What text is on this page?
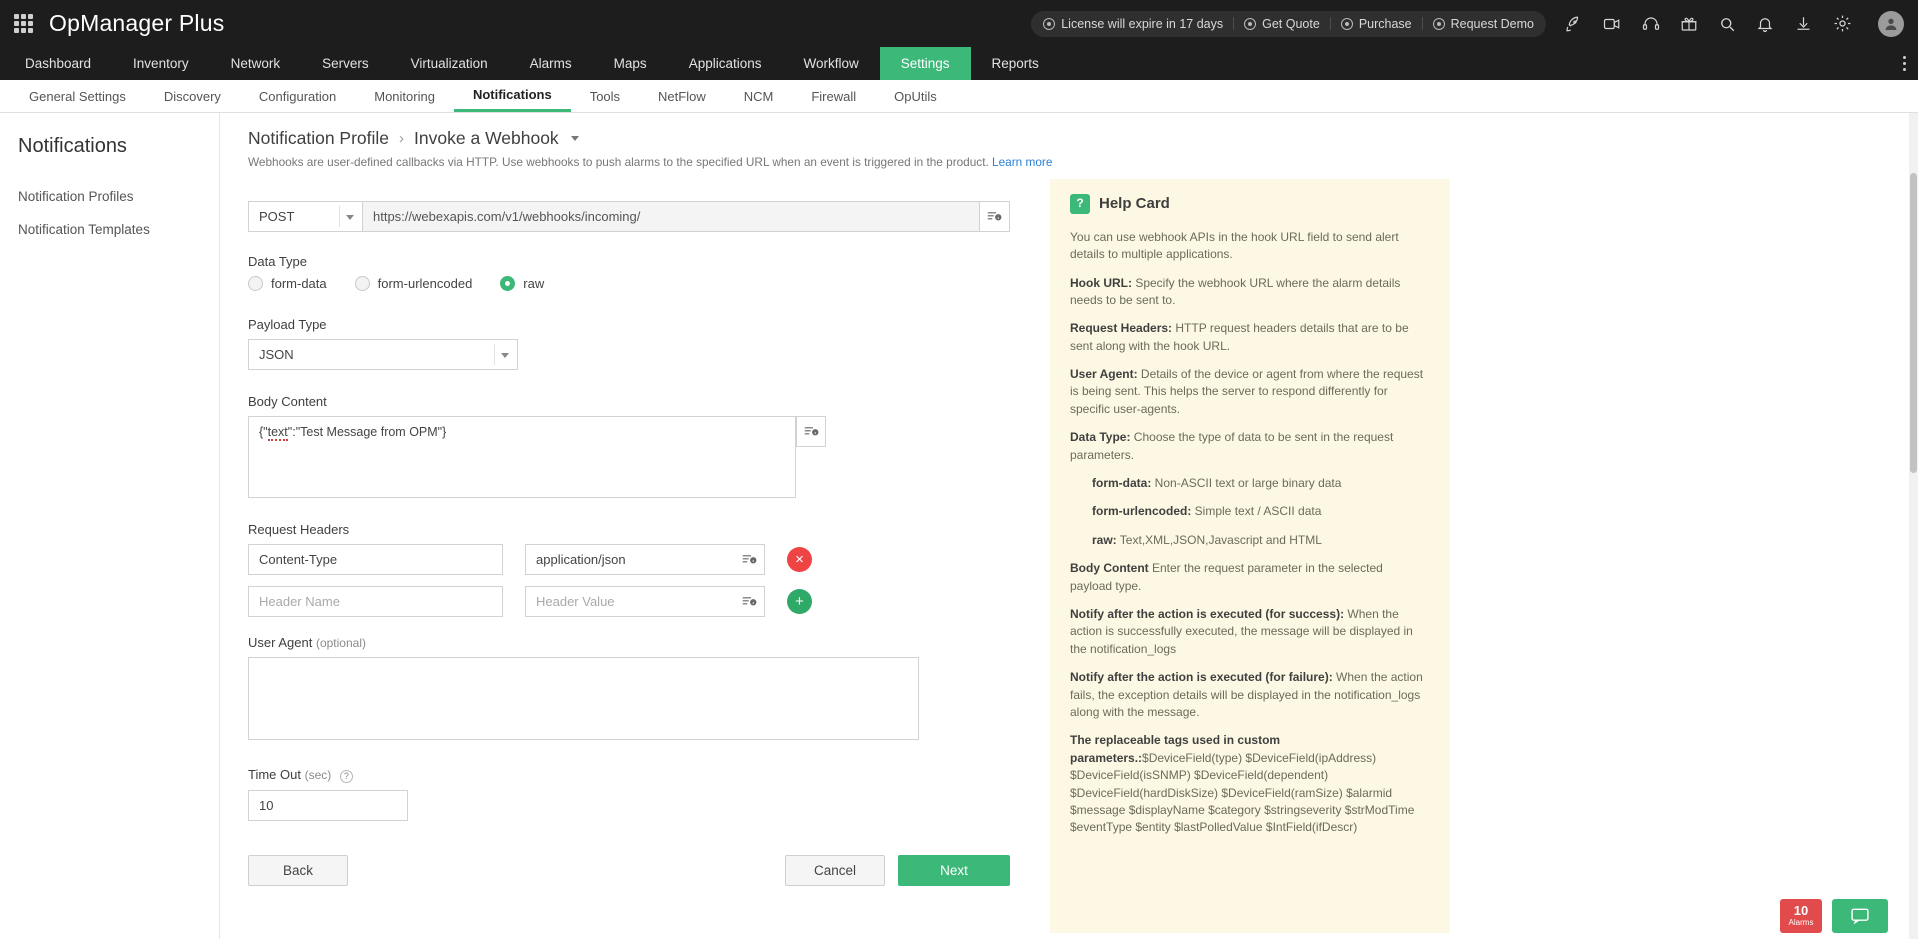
OpManager Plus	License will expire in 17 days	Get Quote	Purchase	Request Demo
Dashboard	Inventory	Network	Servers	Virtualization	Alarms	Maps	Applications	Workflow	Settings	Reports
General Settings	Discovery	Configuration	Monitoring	Notifications	Tools	NetFlow	NCM	Firewall	OpUtils
Notifications
Notification Profiles
Notification Templates
Notification Profile › Invoke a Webhook
Webhooks are user-defined callbacks via HTTP. Use webhooks to push alarms to the specified URL when an event is triggered in the product. Learn more
POST
https://webexapis.com/v1/webhooks/incoming/
Data Type
form-data	form-urlencoded	raw
Payload Type
JSON
Body Content
{"text":"Test Message from OPM"}
Request Headers
Content-Type
application/json
×
Header Name
Header Value
+
User Agent (optional)
Time Out (sec) ?
10
Back	Cancel	Next
?	Help Card

You can use webhook APIs in the hook URL field to send alert details to multiple applications.

Hook URL: Specify the webhook URL where the alarm details needs to be sent to.

Request Headers: HTTP request headers details that are to be sent along with the hook URL.

User Agent: Details of the device or agent from where the request is being sent. This helps the server to respond differently for specific user-agents.

Data Type: Choose the type of data to be sent in the request parameters.

form-data: Non-ASCII text or large binary data

form-urlencoded: Simple text / ASCII data

raw: Text,XML,JSON,Javascript and HTML

Body Content Enter the request parameter in the selected payload type.

Notify after the action is executed (for success): When the action is successfully executed, the message will be displayed in the notification_logs

Notify after the action is executed (for failure): When the action fails, the exception details will be displayed in the notification_logs along with the message.

The replaceable tags used in custom parameters.:$DeviceField(type) $DeviceField(ipAddress) $DeviceField(isSNMP) $DeviceField(dependent) $DeviceField(hardDiskSize) $DeviceField(ramSize) $alarmid $message $displayName $category $stringseverity $strModTime $eventType $entity $lastPolledValue $IntField(ifDescr)

10
Alarms
